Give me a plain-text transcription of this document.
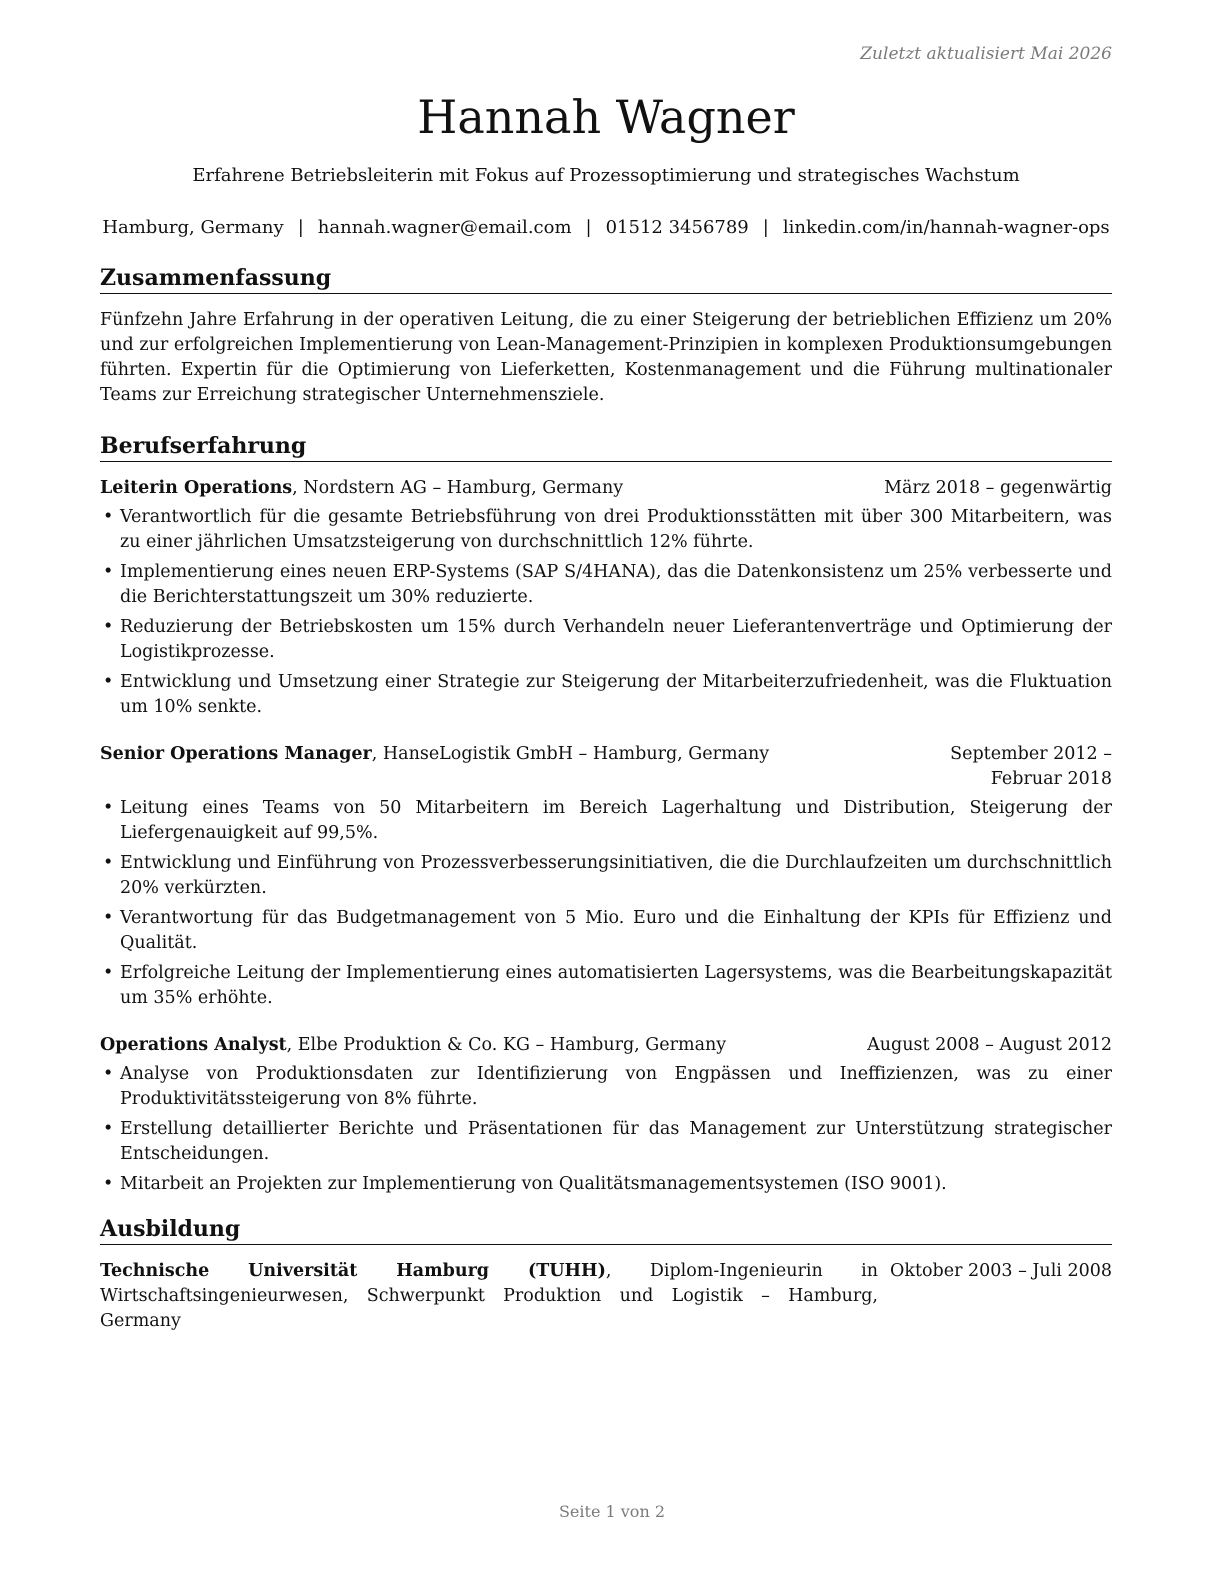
Zuletzt aktualisiert Mai 2026
Hannah Wagner
Erfahrene Betriebsleiterin mit Fokus auf Prozessoptimierung und strategisches Wachstum
Hamburg, Germany | hannah.wagner@email.com | 01512 3456789 | linkedin.com/in/hannah-wagner-ops
Zusammenfassung
Fünfzehn Jahre Erfahrung in der operativen Leitung, die zu einer Steigerung der betrieblichen Effizienz um 20% und zur erfolgreichen Implementierung von Lean-Management-Prinzipien in komplexen Produktionsumgebungen führten. Expertin für die Optimierung von Lieferketten, Kostenmanagement und die Führung multinationaler Teams zur Erreichung strategischer Unternehmensziele.
Berufserfahrung
Leiterin Operations, Nordstern AG – Hamburg, Germany	März 2018 – gegenwärtig
• Verantwortlich für die gesamte Betriebsführung von drei Produktionsstätten mit über 300 Mitarbeitern, was zu einer jährlichen Umsatzsteigerung von durchschnittlich 12% führte.
• Implementierung eines neuen ERP-Systems (SAP S/4HANA), das die Datenkonsistenz um 25% verbesserte und die Berichterstattungszeit um 30% reduzierte.
• Reduzierung der Betriebskosten um 15% durch Verhandeln neuer Lieferantenverträge und Optimierung der Logistikprozesse.
• Entwicklung und Umsetzung einer Strategie zur Steigerung der Mitarbeiterzufriedenheit, was die Fluktuation um 10% senkte.
Senior Operations Manager, HanseLogistik GmbH – Hamburg, Germany	September 2012 – Februar 2018
• Leitung eines Teams von 50 Mitarbeitern im Bereich Lagerhaltung und Distribution, Steigerung der Liefergenauigkeit auf 99,5%.
• Entwicklung und Einführung von Prozessverbesserungsinitiativen, die die Durchlaufzeiten um durchschnittlich 20% verkürzten.
• Verantwortung für das Budgetmanagement von 5 Mio. Euro und die Einhaltung der KPIs für Effizienz und Qualität.
• Erfolgreiche Leitung der Implementierung eines automatisierten Lagersystems, was die Bearbeitungskapazität um 35% erhöhte.
Operations Analyst, Elbe Produktion & Co. KG – Hamburg, Germany	August 2008 – August 2012
• Analyse von Produktionsdaten zur Identifizierung von Engpässen und Ineffizienzen, was zu einer Produktivitätssteigerung von 8% führte.
• Erstellung detaillierter Berichte und Präsentationen für das Management zur Unterstützung strategischer Entscheidungen.
• Mitarbeit an Projekten zur Implementierung von Qualitätsmanagementsystemen (ISO 9001).
Ausbildung
Technische Universität Hamburg (TUHH), Diplom-Ingenieurin in Wirtschaftsingenieurwesen, Schwerpunkt Produktion und Logistik – Hamburg, Germany
Oktober 2003 – Juli 2008
Seite 1 von 2
